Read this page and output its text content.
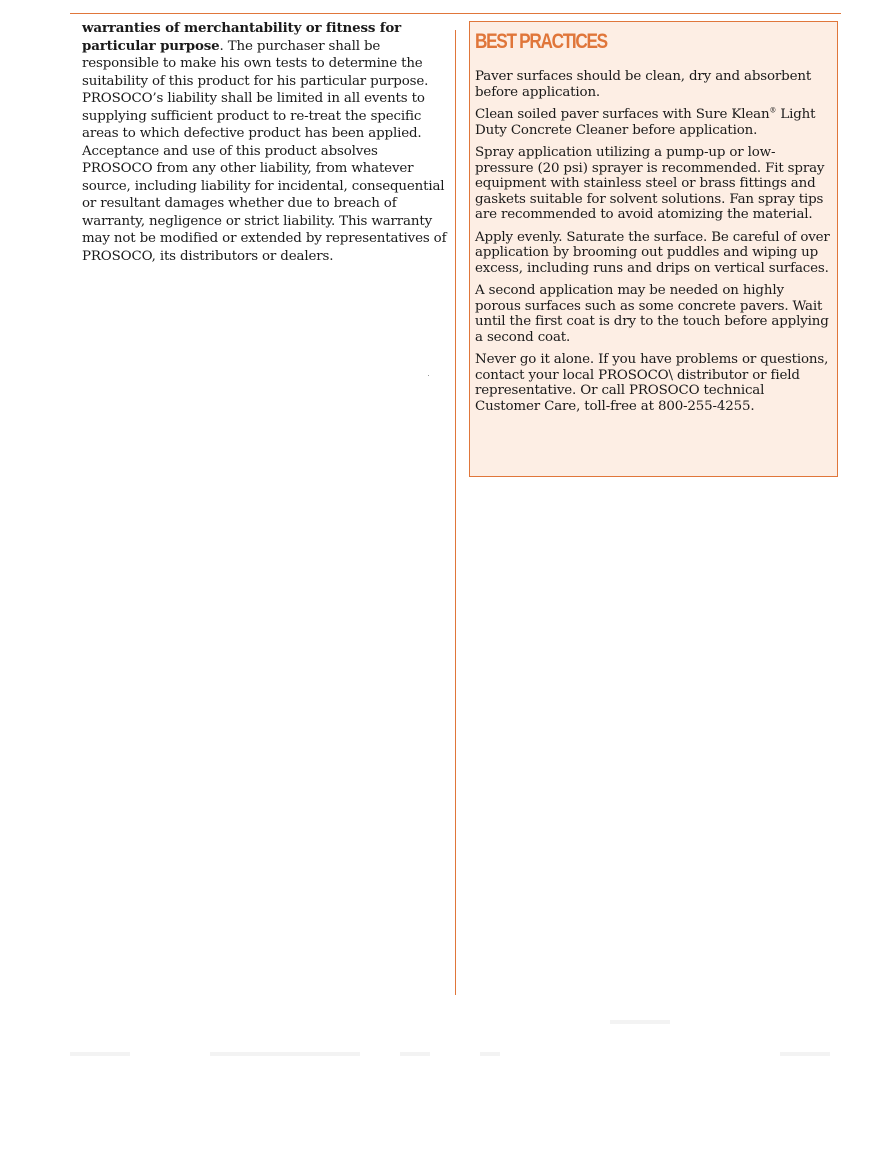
warranties of merchantability or fitness for particular purpose. The purchaser shall be responsible to make his own tests to determine the suitability of this product for his particular purpose. PROSOCO’s liability shall be limited in all events to supplying sufficient product to re-treat the specific areas to which defective product has been applied. Acceptance and use of this product absolves PROSOCO from any other liability, from whatever source, including liability for incidental, consequential or resultant damages whether due to breach of warranty, negligence or strict liability. This warranty may not be modified or extended by representatives of PROSOCO, its distributors or dealers.

BEST PRACTICES

Paver surfaces should be clean, dry and absorbent before application.

Clean soiled paver surfaces with Sure Klean® Light Duty Concrete Cleaner before application.

Spray application utilizing a pump-up or low-pressure (20 psi) sprayer is recommended. Fit spray equipment with stainless steel or brass fittings and gaskets suitable for solvent solutions. Fan spray tips are recommended to avoid atomizing the material.

Apply evenly. Saturate the surface. Be careful of over application by brooming out puddles and wiping up excess, including runs and drips on vertical surfaces.

A second application may be needed on highly porous surfaces such as some concrete pavers. Wait until the first coat is dry to the touch before applying a second coat.

Never go it alone. If you have problems or questions, contact your local PROSOCO\ distributor or field representative. Or call PROSOCO technical Customer Care, toll-free at 800-255-4255.
